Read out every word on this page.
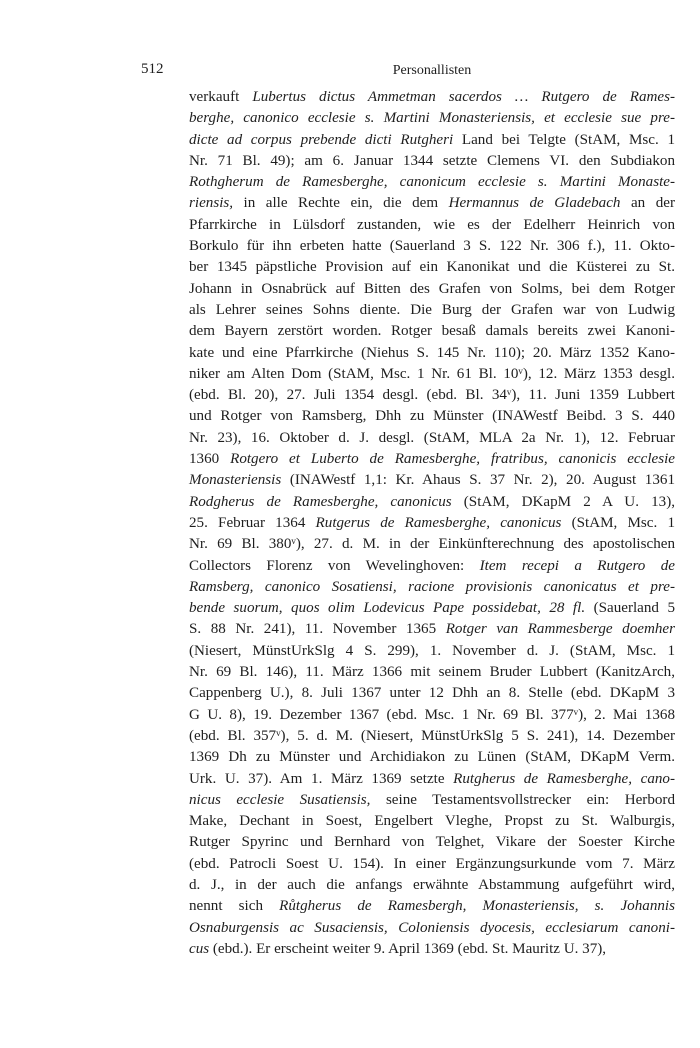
512	Personallisten
verkauft Lubertus dictus Ammetman sacerdos … Rutgero de Rames-
berghe, canonico ecclesie s. Martini Monasteriensis, et ecclesie sue pre-
dicte ad corpus prebende dicti Rutgheri Land bei Telgte (StAM, Msc. 1
Nr. 71 Bl. 49); am 6. Januar 1344 setzte Clemens VI. den Subdiakon
Rothgherum de Ramesberghe, canonicum ecclesie s. Martini Monaste-
riensis, in alle Rechte ein, die dem Hermannus de Gladebach an der
Pfarrkirche in Lülsdorf zustanden, wie es der Edelherr Heinrich von
Borkulo für ihn erbeten hatte (Sauerland 3 S. 122 Nr. 306 f.), 11. Okto-
ber 1345 päpstliche Provision auf ein Kanonikat und die Küsterei zu St.
Johann in Osnabrück auf Bitten des Grafen von Solms, bei dem Rotger
als Lehrer seines Sohns diente. Die Burg der Grafen war von Ludwig
dem Bayern zerstört worden. Rotger besaß damals bereits zwei Kanoni-
kate und eine Pfarrkirche (Niehus S. 145 Nr. 110); 20. März 1352 Kano-
niker am Alten Dom (StAM, Msc. 1 Nr. 61 Bl. 10ᵛ), 12. März 1353 desgl.
(ebd. Bl. 20), 27. Juli 1354 desgl. (ebd. Bl. 34ᵛ), 11. Juni 1359 Lubbert
und Rotger von Ramsberg, Dhh zu Münster (INAWestf Beibd. 3 S. 440
Nr. 23), 16. Oktober d. J. desgl. (StAM, MLA 2a Nr. 1), 12. Februar
1360 Rotgero et Luberto de Ramesberghe, fratribus, canonicis ecclesie
Monasteriensis (INAWestf 1,1: Kr. Ahaus S. 37 Nr. 2), 20. August 1361
Rodgherus de Ramesberghe, canonicus (StAM, DKapM 2 A U. 13),
25. Februar 1364 Rutgerus de Ramesberghe, canonicus (StAM, Msc. 1
Nr. 69 Bl. 380ᵛ), 27. d. M. in der Einkünfterechnung des apostolischen
Collectors Florenz von Wevelinghoven: Item recepi a Rutgero de
Ramsberg, canonico Sosatiensi, racione provisionis canonicatus et pre-
bende suorum, quos olim Lodevicus Pape possidebat, 28 fl. (Sauerland 5
S. 88 Nr. 241), 11. November 1365 Rotger van Rammesberge doemher
(Niesert, MünstUrkSlg 4 S. 299), 1. November d. J. (StAM, Msc. 1
Nr. 69 Bl. 146), 11. März 1366 mit seinem Bruder Lubbert (KanitzArch,
Cappenberg U.), 8. Juli 1367 unter 12 Dhh an 8. Stelle (ebd. DKapM 3
G U. 8), 19. Dezember 1367 (ebd. Msc. 1 Nr. 69 Bl. 377ᵛ), 2. Mai 1368
(ebd. Bl. 357ᵛ), 5. d. M. (Niesert, MünstUrkSlg 5 S. 241), 14. Dezember
1369 Dh zu Münster und Archidiakon zu Lünen (StAM, DKapM Verm.
Urk. U. 37). Am 1. März 1369 setzte Rutgherus de Ramesberghe, cano-
nicus ecclesie Susatiensis, seine Testamentsvollstrecker ein: Herbord
Make, Dechant in Soest, Engelbert Vleghe, Propst zu St. Walburgis,
Rutger Spyrinc und Bernhard von Telghet, Vikare der Soester Kirche
(ebd. Patrocli Soest U. 154). In einer Ergänzungsurkunde vom 7. März
d. J., in der auch die anfangs erwähnte Abstammung aufgeführt wird,
nennt sich Růtgherus de Ramesbergh, Monasteriensis, s. Johannis
Osnaburgensis ac Susaciensis, Coloniensis dyocesis, ecclesiarum canoni-
cus (ebd.). Er erscheint weiter 9. April 1369 (ebd. St. Mauritz U. 37),
